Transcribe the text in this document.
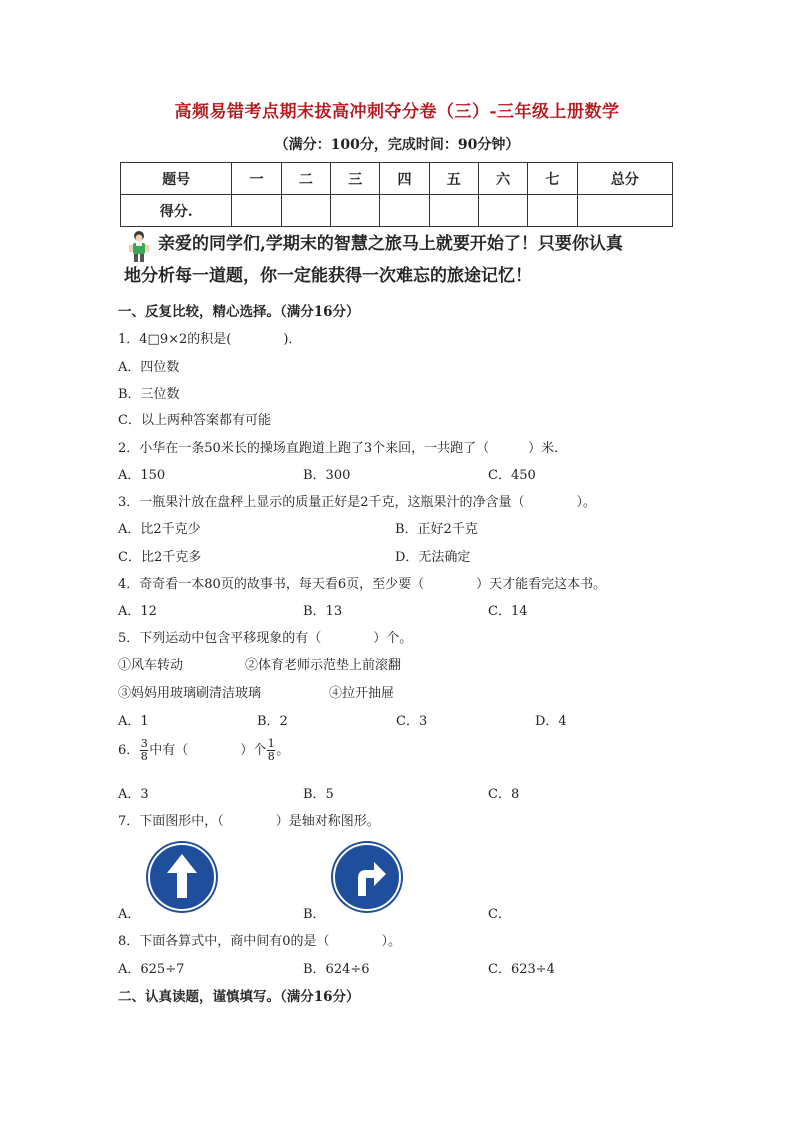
高频易错考点期末拔高冲刺夺分卷（三）-三年级上册数学
（满分：100分，完成时间：90分钟）
题号	一	二	三	四	五	六	七	总分
得分.								
亲爱的同学们,学期末的智慧之旅马上就要开始了！只要你认真
地分析每一道题，你一定能获得一次难忘的旅途记忆！
一、反复比较，精心选择。（满分16分）
1．4□9×2的积是(　　　　)．
A．四位数
B．三位数
C．以上两种答案都有可能
2．小华在一条50米长的操场直跑道上跑了3个来回，一共跑了（　　　）米．
A．150	B．300	C．450
3．一瓶果汁放在盘秤上显示的质量正好是2千克，这瓶果汁的净含量（　　　　）。
A．比2千克少	B．正好2千克
C．比2千克多	D．无法确定
4．奇奇看一本80页的故事书，每天看6页，至少要（　　　　）天才能看完这本书。
A．12	B．13	C．14
5．下列运动中包含平移现象的有（　　　　）个。
①风车转动	②体育老师示范垫上前滚翻
③妈妈用玻璃刷清洁玻璃	④拉开抽屉
A．1	B．2	C．3	D．4
6． $\frac{3}{8}$ 中有（　　　　）个 $\frac{1}{8}$ 。
A．3	B．5	C．8
7．下面图形中，（　　　　）是轴对称图形。
A．	B．	C．
8．下面各算式中，商中间有0的是（　　　　）。
A．625÷7	B．624÷6	C．623÷4
二、认真读题，谨慎填写。（满分16分）
